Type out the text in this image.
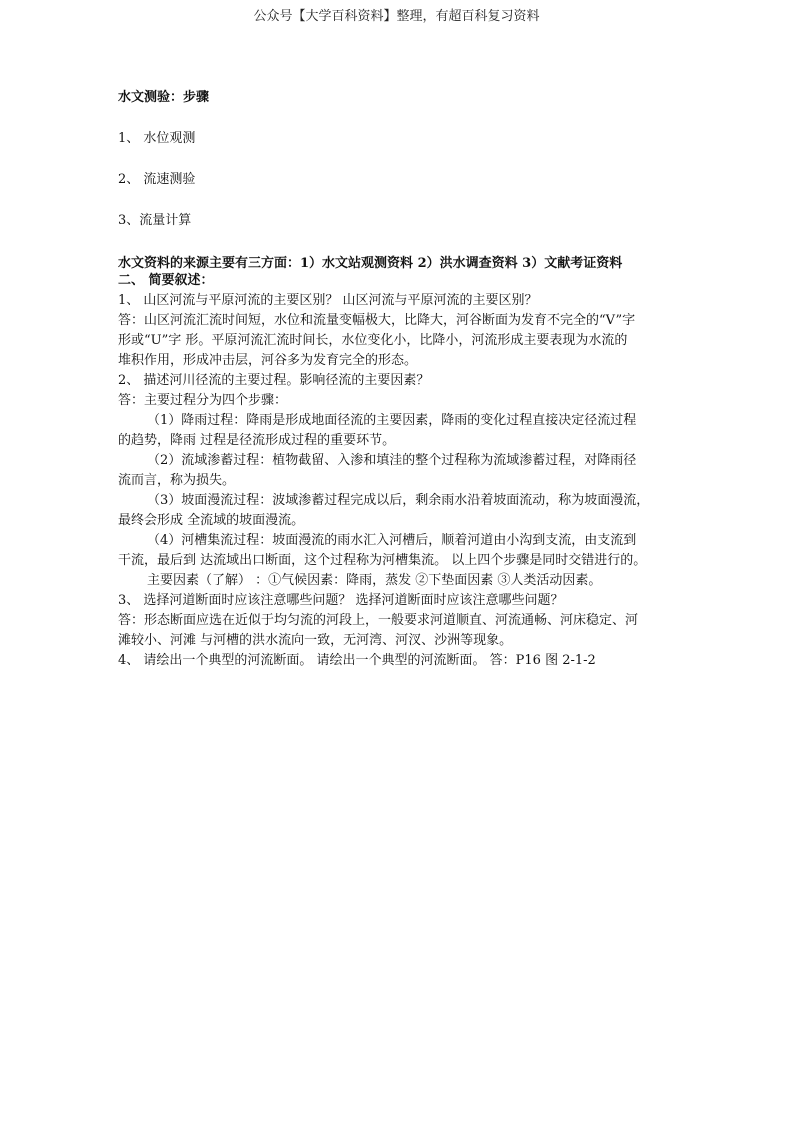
公众号【大学百科资料】整理，有超百科复习资料
水文测验：步骤
1、 水位观测
2、 流速测验
3、流量计算
水文资料的来源主要有三方面：1）水文站观测资料 2）洪水调查资料 3）文献考证资料
二、 简要叙述：
1、 山区河流与平原河流的主要区别？ 山区河流与平原河流的主要区别？
答：山区河流汇流时间短，水位和流量变幅极大，比降大，河谷断面为发育不完全的“V”字
形或“U”字 形。平原河流汇流时间长，水位变化小，比降小，河流形成主要表现为水流的
堆积作用，形成冲击层，河谷多为发育完全的形态。
2、 描述河川径流的主要过程。影响径流的主要因素？
答：主要过程分为四个步骤：
（1）降雨过程：降雨是形成地面径流的主要因素，降雨的变化过程直接决定径流过程
的趋势，降雨 过程是径流形成过程的重要环节。
（2）流域渗蓄过程：植物截留、入渗和填洼的整个过程称为流域渗蓄过程，对降雨径
流而言，称为损失。
（3）坡面漫流过程：波域渗蓄过程完成以后，剩余雨水沿着坡面流动，称为坡面漫流，
最终会形成 全流域的坡面漫流。
（4）河槽集流过程：坡面漫流的雨水汇入河槽后，顺着河道由小沟到支流，由支流到
干流，最后到 达流域出口断面，这个过程称为河槽集流。 以上四个步骤是同时交错进行的。
主要因素（了解） ：①气候因素：降雨，蒸发 ②下垫面因素 ③人类活动因素。
3、 选择河道断面时应该注意哪些问题？ 选择河道断面时应该注意哪些问题？
答：形态断面应选在近似于均匀流的河段上，一般要求河道顺直、河流通畅、河床稳定、河
滩较小、河滩 与河槽的洪水流向一致，无河湾、河汊、沙洲等现象。
4、 请绘出一个典型的河流断面。 请绘出一个典型的河流断面。 答：P16 图 2-1-2
